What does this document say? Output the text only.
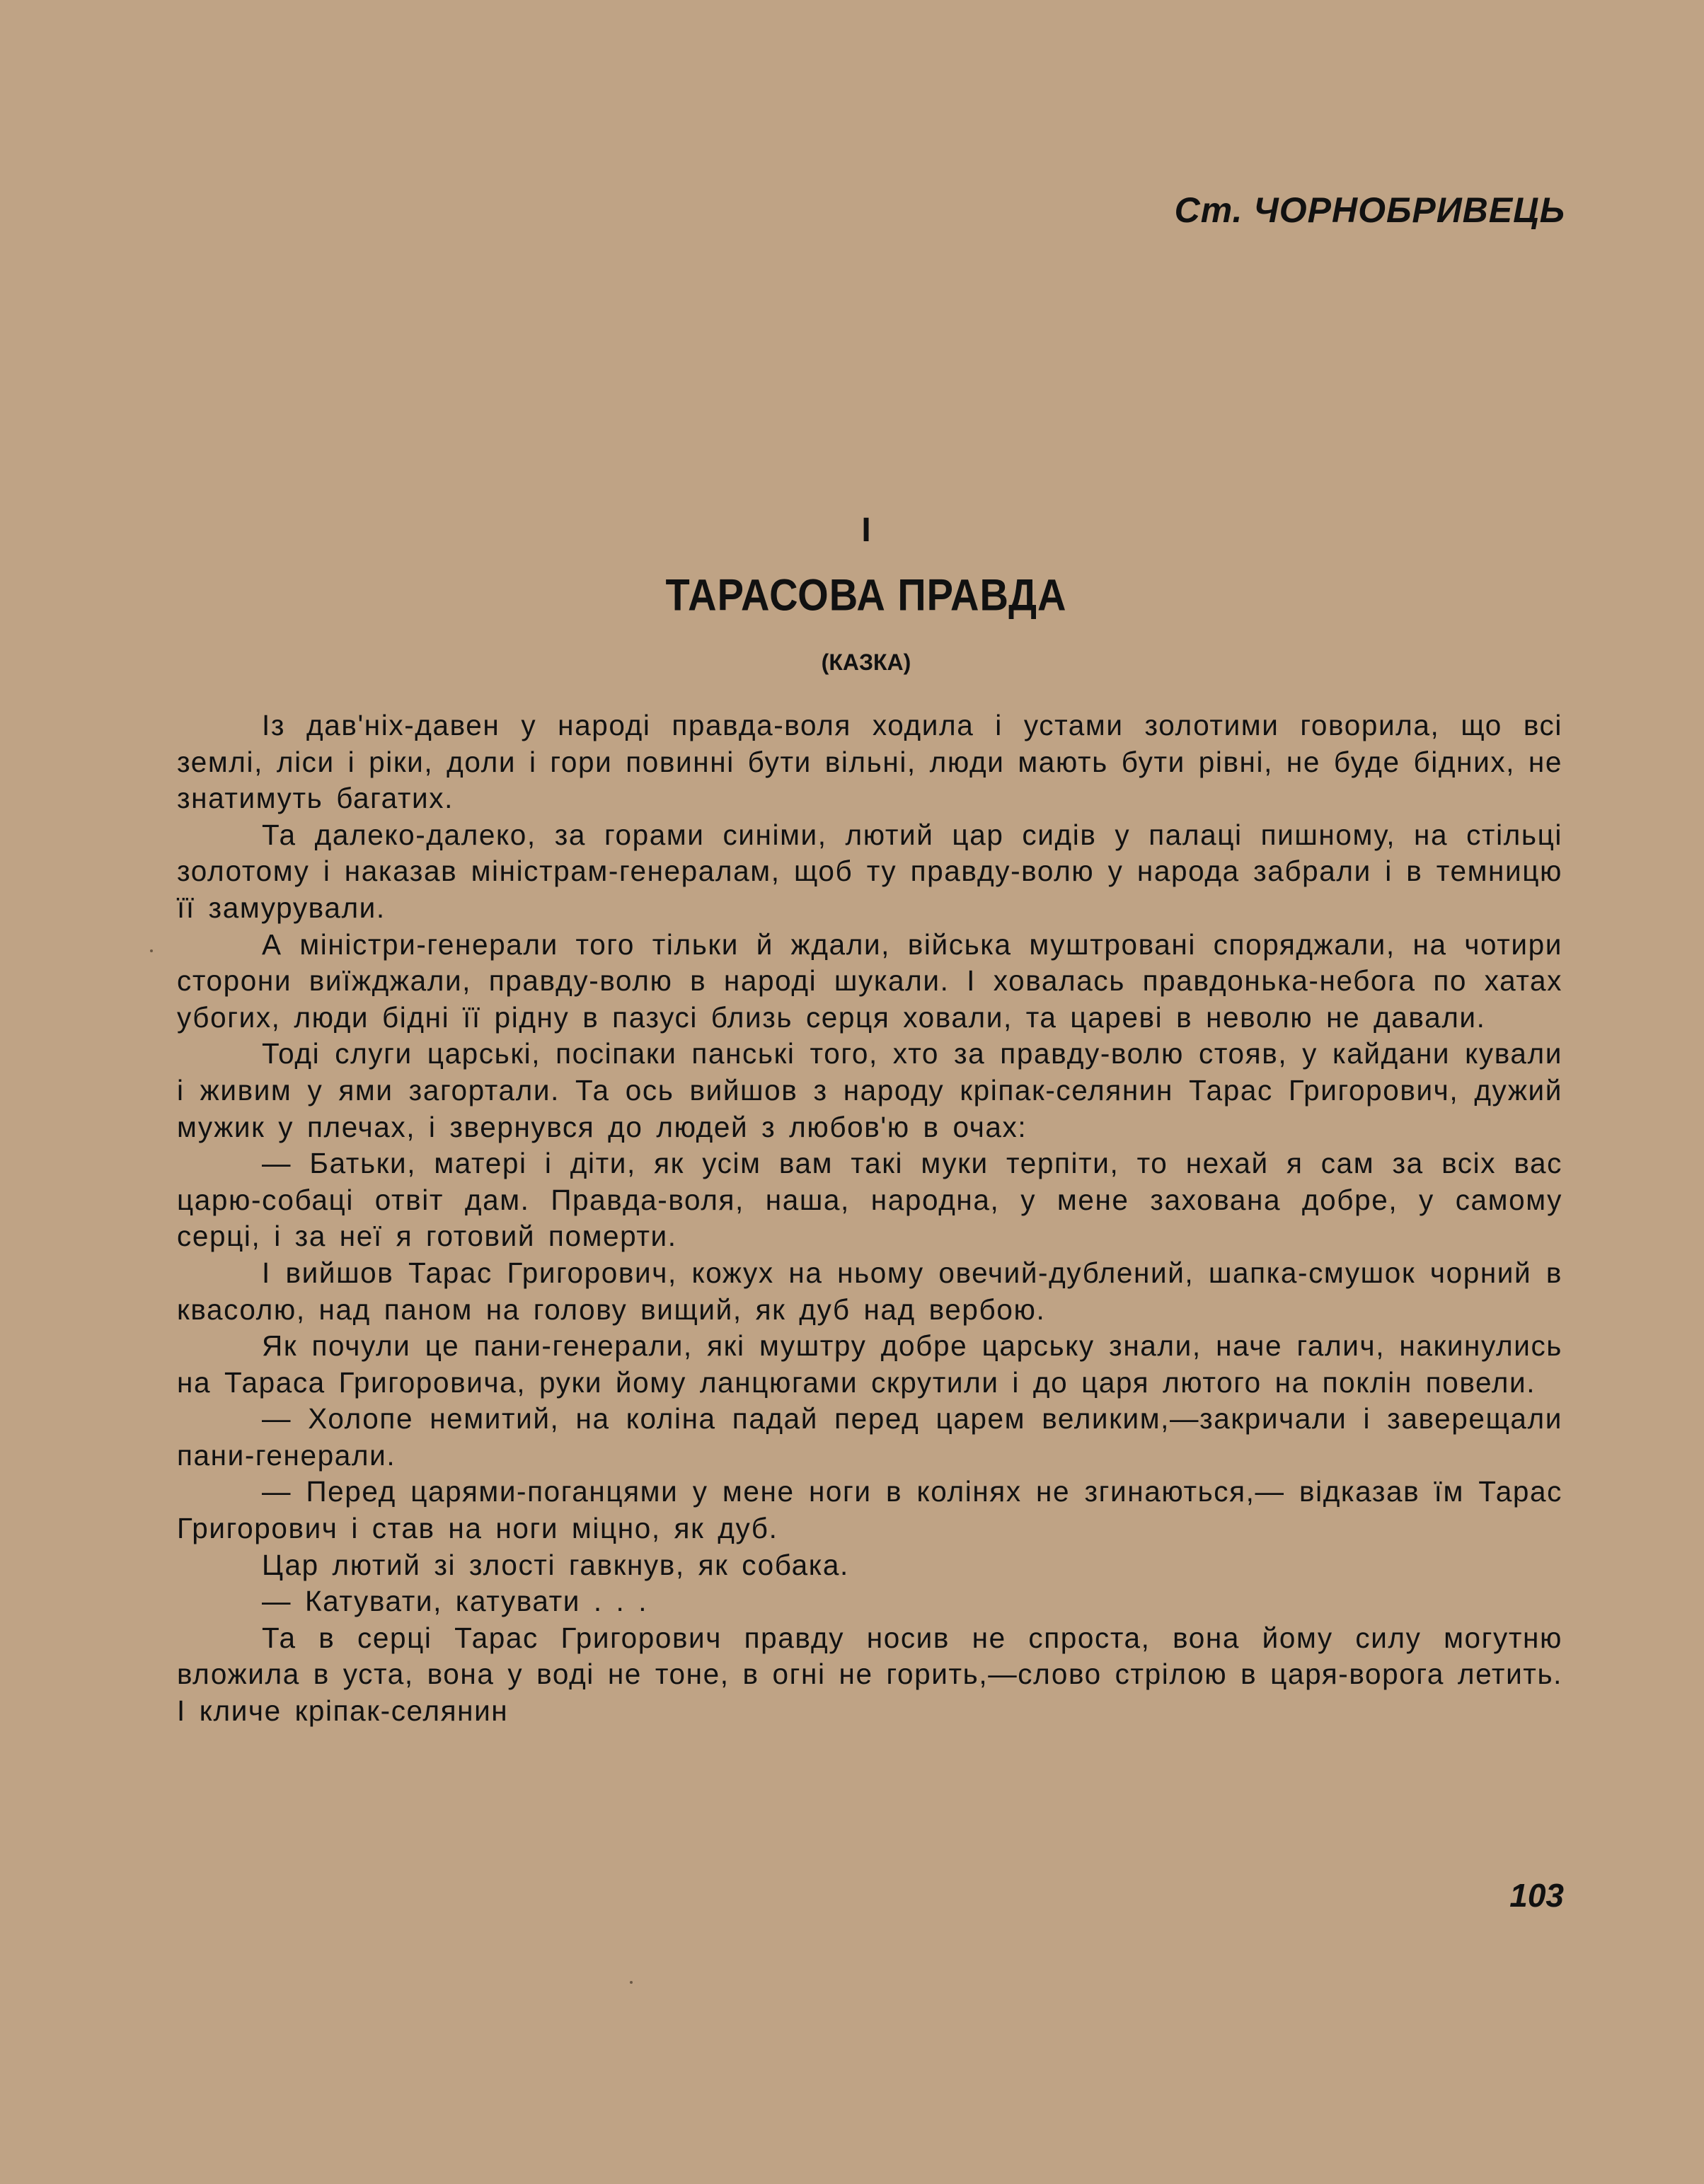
Ст. ЧОРНОБРИВЕЦЬ
І
ТАРАСОВА ПРАВДА
(КАЗКА)

Із дав'ніх-давен у народі правда-воля ходила і устами золотими говорила, що всі землі, ліси і ріки, доли і гори повинні бути вільні, люди мають бути рівні, не буде бідних, не знатимуть багатих.

Та далеко-далеко, за горами синіми, лютий цар сидів у палаці пишному, на стільці золотому і наказав міністрам-генералам, щоб ту правду-волю у народа забрали і в темницю її замурували.

А міністри-генерали того тільки й ждали, війська муштровані споряджали, на чотири сторони виїжджали, правду-волю в народі шукали. І ховалась правдонька-небога по хатах убогих, люди бідні її рідну в пазусі близь серця ховали, та цареві в неволю не давали.

Тоді слуги царські, посіпаки панські того, хто за правду-волю стояв, у кайдани кували і живим у ями загортали. Та ось вийшов з народу кріпак-селянин Тарас Григорович, дужий мужик у плечах, і звернувся до людей з любов'ю в очах:

— Батьки, матері і діти, як усім вам такі муки терпіти, то нехай я сам за всіх вас царю-собаці отвіт дам. Правда-воля, наша, народна, у мене захована добре, у самому серці, і за неї я готовий померти.

І вийшов Тарас Григорович, кожух на ньому овечий-дублений, шапка-смушок чорний в квасолю, над паном на голову вищий, як дуб над вербою.

Як почули це пани-генерали, які муштру добре царську знали, наче галич, накинулись на Тараса Григоровича, руки йому ланцюгами скрутили і до царя лютого на поклін повели.

— Холопе немитий, на коліна падай перед царем великим,—закричали і заверещали пани-генерали.

— Перед царями-поганцями у мене ноги в колінях не згинаються,— відказав їм Тарас Григорович і став на ноги міцно, як дуб.

Цар лютий зі злості гавкнув, як собака.

— Катувати, катувати . . .

Та в серці Тарас Григорович правду носив не спроста, вона йому силу могутню вложила в уста, вона у воді не тоне, в огні не горить,—слово стрілою в царя-ворога летить. І кличе кріпак-селянин

103
